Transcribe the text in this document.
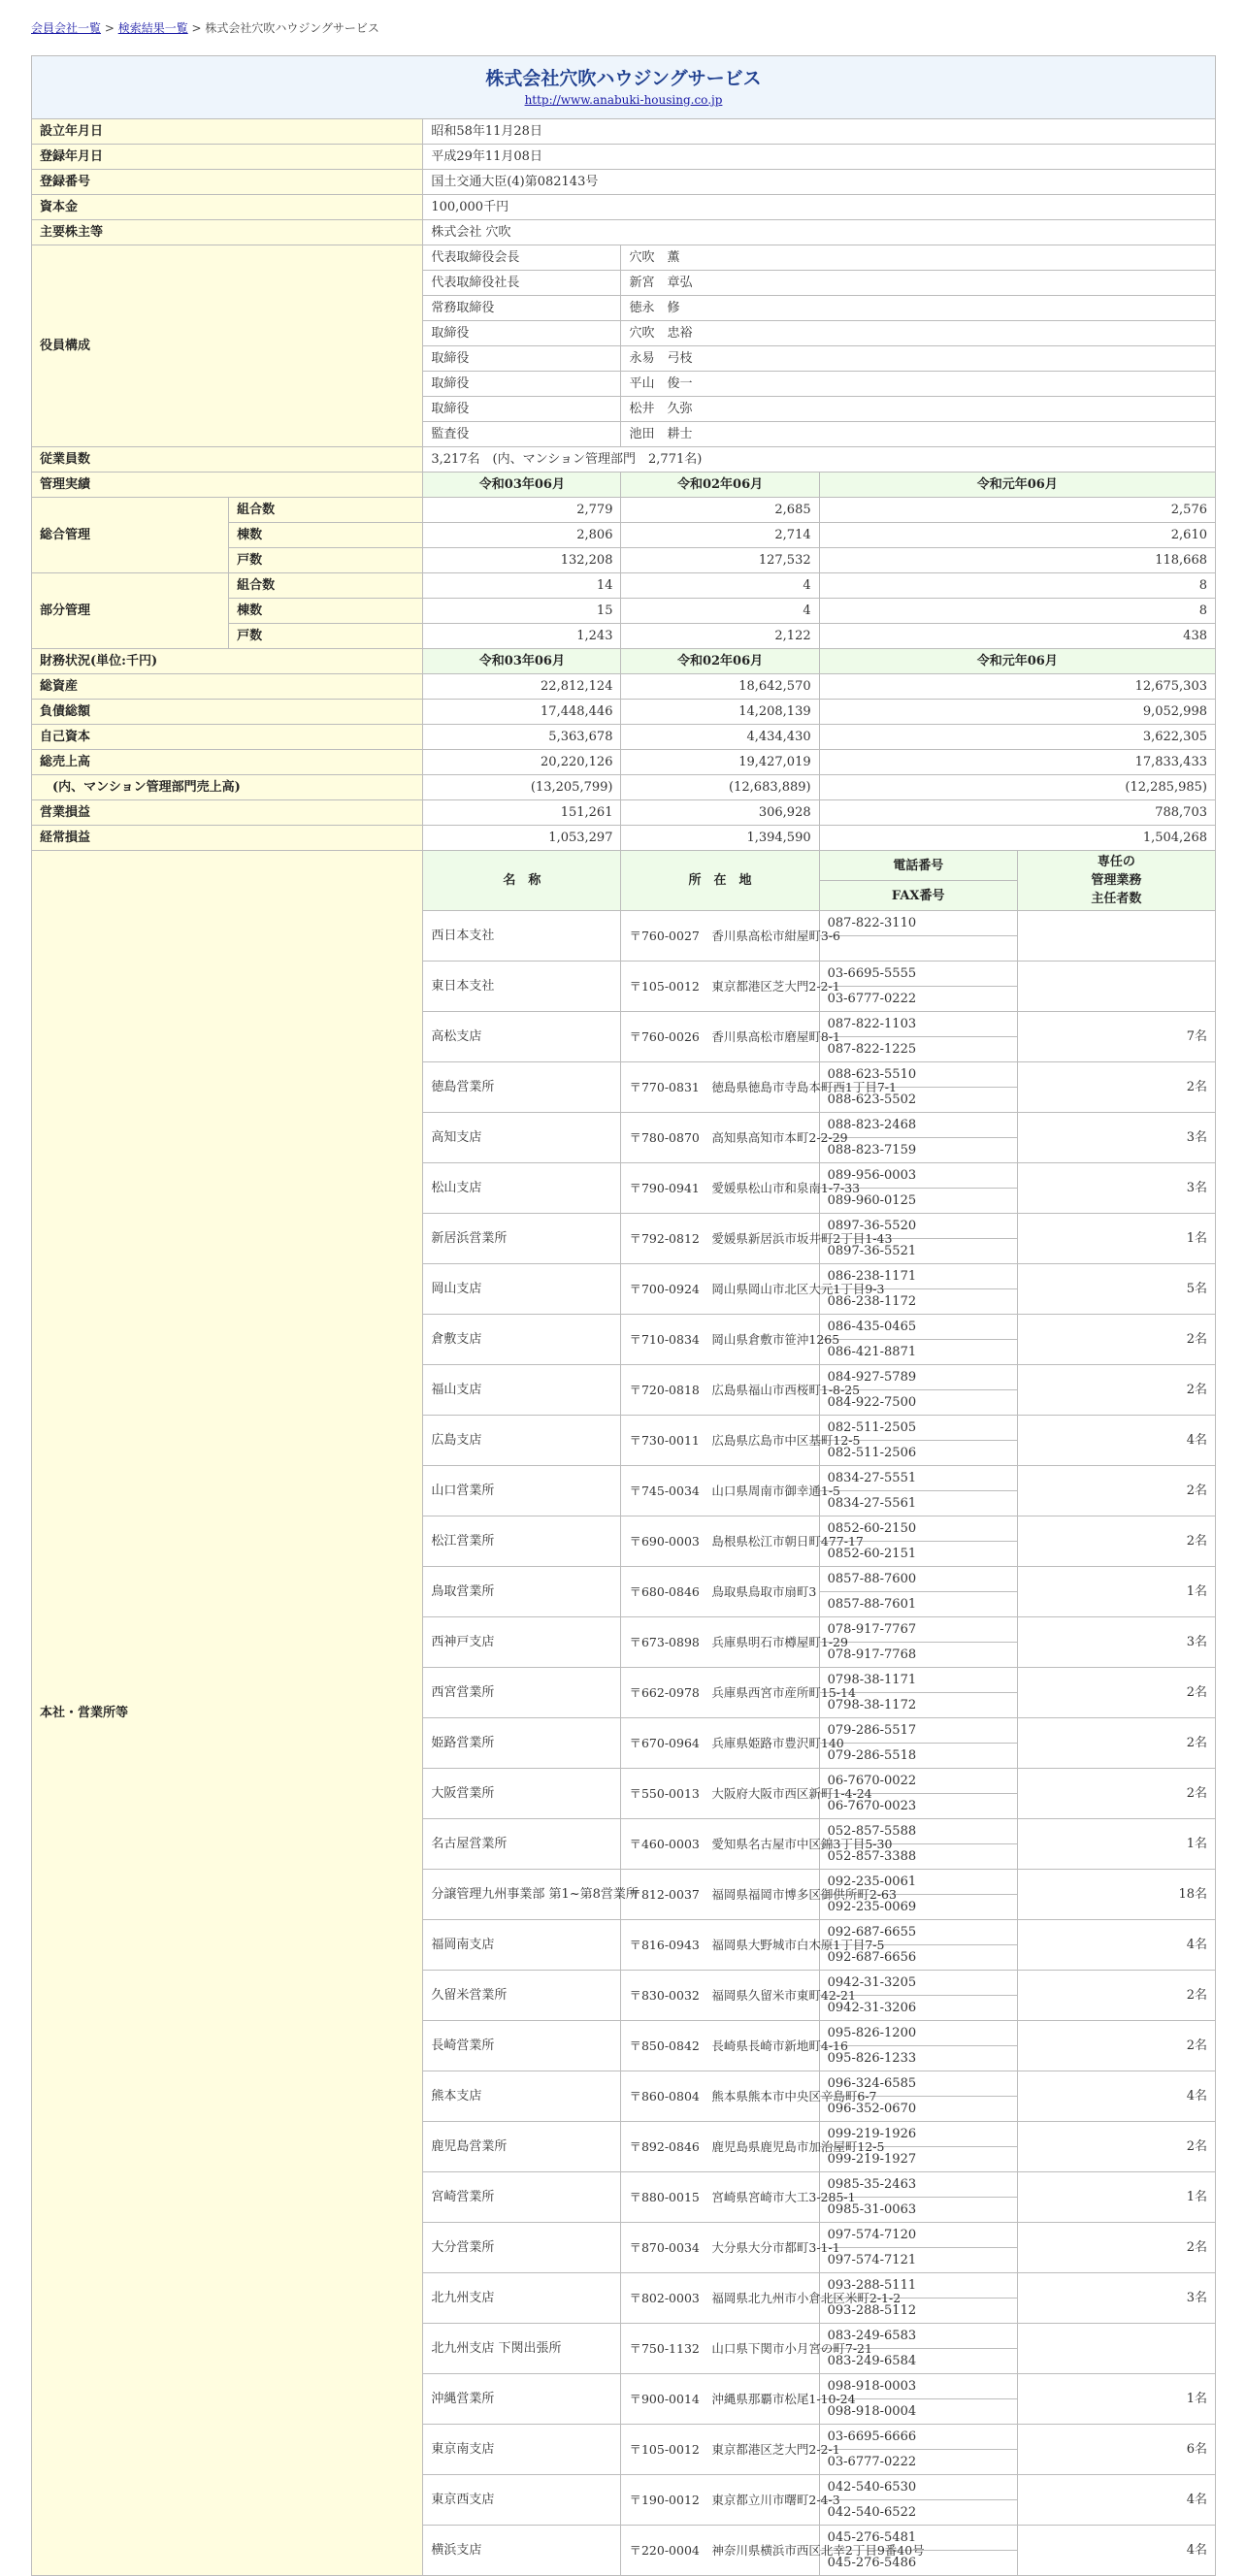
会員会社一覧 > 検索結果一覧 > 株式会社穴吹ハウジングサービス
株式会社穴吹ハウジングサービス
http://www.anabuki-housing.co.jp					
設立年月日		昭和58年11月28日			
登録年月日		平成29年11月08日			
登録番号		国土交通大臣(4)第082143号			
資本金		100,000千円			
主要株主等		株式会社 穴吹			
役員構成		代表取締役会長	穴吹　薫		
		代表取締役社長	新宮　章弘		
		常務取締役	徳永　修		
		取締役	穴吹　忠裕		
		取締役	永易　弓枝		
		取締役	平山　俊一		
		取締役	松井　久弥		
		監査役	池田　耕士		
従業員数		3,217名　(内、マンション管理部門　2,771名)			
管理実績		令和03年06月	令和02年06月	令和元年06月	
総合管理	組合数	2,779	2,685	2,576	
	棟数	2,806	2,714	2,610	
	戸数	132,208	127,532	118,668	
部分管理	組合数	14	4	8	
	棟数	15	4	8	
	戸数	1,243	2,122	438	
財務状況(単位:千円)		令和03年06月	令和02年06月	令和元年06月	
総資産		22,812,124	18,642,570	12,675,303	
負債総額		17,448,446	14,208,139	9,052,998	
自己資本		5,363,678	4,434,430	3,622,305	
総売上高		20,220,126	19,427,019	17,833,433	
　(内、マンション管理部門売上高)		(13,205,799)	(12,683,889)	(12,285,985)	
営業損益		151,261	306,928	788,703	
経常損益		1,053,297	1,394,590	1,504,268	
本社・営業所等		名　称	所　在　地	電話番号	専任の
管理業務
主任者数
				FAX番号	
		西日本支社	〒760-0027　香川県高松市紺屋町3-6	087-822-3110	

		東日本支社	〒105-0012　東京都港区芝大門2-2-1	03-6695-5555	
				03-6777-0222	
		高松支店	〒760-0026　香川県高松市磨屋町8-1	087-822-1103	7名
				087-822-1225	
		徳島営業所	〒770-0831　徳島県徳島市寺島本町西1丁目7-1	088-623-5510	2名
				088-623-5502	
		高知支店	〒780-0870　高知県高知市本町2-2-29	088-823-2468	3名
				088-823-7159	
		松山支店	〒790-0941　愛媛県松山市和泉南1-7-33	089-956-0003	3名
				089-960-0125	
		新居浜営業所	〒792-0812　愛媛県新居浜市坂井町2丁目1-43	0897-36-5520	1名
				0897-36-5521	
		岡山支店	〒700-0924　岡山県岡山市北区大元1丁目9-3	086-238-1171	5名
				086-238-1172	
		倉敷支店	〒710-0834　岡山県倉敷市笹沖1265	086-435-0465	2名
				086-421-8871	
		福山支店	〒720-0818　広島県福山市西桜町1-8-25	084-927-5789	2名
				084-922-7500	
		広島支店	〒730-0011　広島県広島市中区基町12-5	082-511-2505	4名
				082-511-2506	
		山口営業所	〒745-0034　山口県周南市御幸通1-5	0834-27-5551	2名
				0834-27-5561	
		松江営業所	〒690-0003　島根県松江市朝日町477-17	0852-60-2150	2名
				0852-60-2151	
		鳥取営業所	〒680-0846　鳥取県鳥取市扇町3	0857-88-7600	1名
				0857-88-7601	
		西神戸支店	〒673-0898　兵庫県明石市樽屋町1-29	078-917-7767	3名
				078-917-7768	
		西宮営業所	〒662-0978　兵庫県西宮市産所町15-14	0798-38-1171	2名
				0798-38-1172	
		姫路営業所	〒670-0964　兵庫県姫路市豊沢町140	079-286-5517	2名
				079-286-5518	
		大阪営業所	〒550-0013　大阪府大阪市西区新町1-4-24	06-7670-0022	2名
				06-7670-0023	
		名古屋営業所	〒460-0003　愛知県名古屋市中区錦3丁目5-30	052-857-5588	1名
				052-857-3388	
		分譲管理九州事業部 第1~第8営業所	〒812-0037　福岡県福岡市博多区御供所町2-63	092-235-0061	18名
				092-235-0069	
		福岡南支店	〒816-0943　福岡県大野城市白木原1丁目7-5	092-687-6655	4名
				092-687-6656	
		久留米営業所	〒830-0032　福岡県久留米市東町42-21	0942-31-3205	2名
				0942-31-3206	
		長崎営業所	〒850-0842　長崎県長崎市新地町4-16	095-826-1200	2名
				095-826-1233	
		熊本支店	〒860-0804　熊本県熊本市中央区辛島町6-7	096-324-6585	4名
				096-352-0670	
		鹿児島営業所	〒892-0846　鹿児島県鹿児島市加治屋町12-5	099-219-1926	2名
				099-219-1927	
		宮崎営業所	〒880-0015　宮崎県宮崎市大工3-285-1	0985-35-2463	1名
				0985-31-0063	
		大分営業所	〒870-0034　大分県大分市都町3-1-1	097-574-7120	2名
				097-574-7121	
		北九州支店	〒802-0003　福岡県北九州市小倉北区米町2-1-2	093-288-5111	3名
				093-288-5112	
		北九州支店 下関出張所	〒750-1132　山口県下関市小月宮の町7-21	083-249-6583	
				083-249-6584	
		沖縄営業所	〒900-0014　沖縄県那覇市松尾1-10-24	098-918-0003	1名
				098-918-0004	
		東京南支店	〒105-0012　東京都港区芝大門2-2-1	03-6695-6666	6名
				03-6777-0222	
		東京西支店	〒190-0012　東京都立川市曙町2-4-3	042-540-6530	4名
				042-540-6522	
		横浜支店	〒220-0004　神奈川県横浜市西区北幸2丁目9番40号	045-276-5481	4名
				045-276-5486	
